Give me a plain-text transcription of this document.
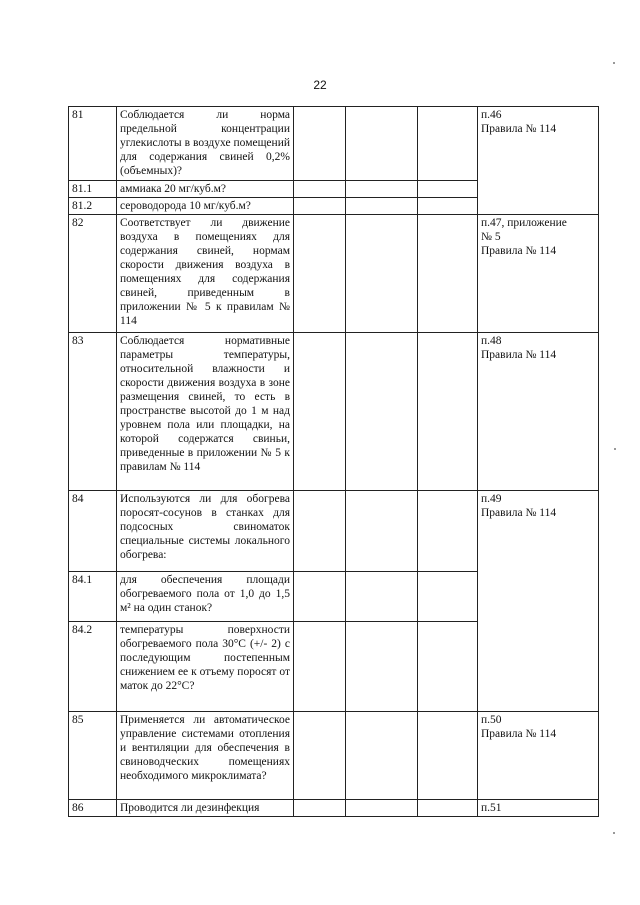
22
81	Соблюдается ли норма предельной концентрации углекислоты в воздухе помещений для содержания свиней 0,2% (объемных)?				п.46
Правила № 114

81.1	аммиака 20 мг/куб.м?				
81.2	сероводорода 10 мг/куб.м?				
82	Соответствует ли движение воздуха в помещениях для содержания свиней, нормам скорости движения воздуха в помещениях для содержания свиней, приведенным в приложении № 5 к правилам № 114				п.47, приложение
№ 5
Правила № 114

83	Соблюдается нормативные параметры температуры, относительной влажности и скорости движения воздуха в зоне размещения свиней, то есть в пространстве высотой до 1 м над уровнем пола или площадки, на которой содержатся свиньи, приведенные в приложении № 5 к правилам № 114				п.48
Правила № 114

84	Используются ли для обогрева поросят-сосунов в станках для подсосных свиноматок специальные системы локального обогрева:				п.49
Правила № 114

84.1	для обеспечения площади обогреваемого пола от 1,0 до 1,5 м² на один станок?				
84.2	температуры поверхности обогреваемого пола 30°С (+/- 2) с последующим постепенным снижением ее к отъему поросят от маток до 22°С?				
85	Применяется ли автоматическое управление системами отопления и вентиляции для обеспечения в свиноводческих помещениях необходимого микроклимата?				п.50
Правила № 114

86	Проводится ли дезинфекция				п.51
